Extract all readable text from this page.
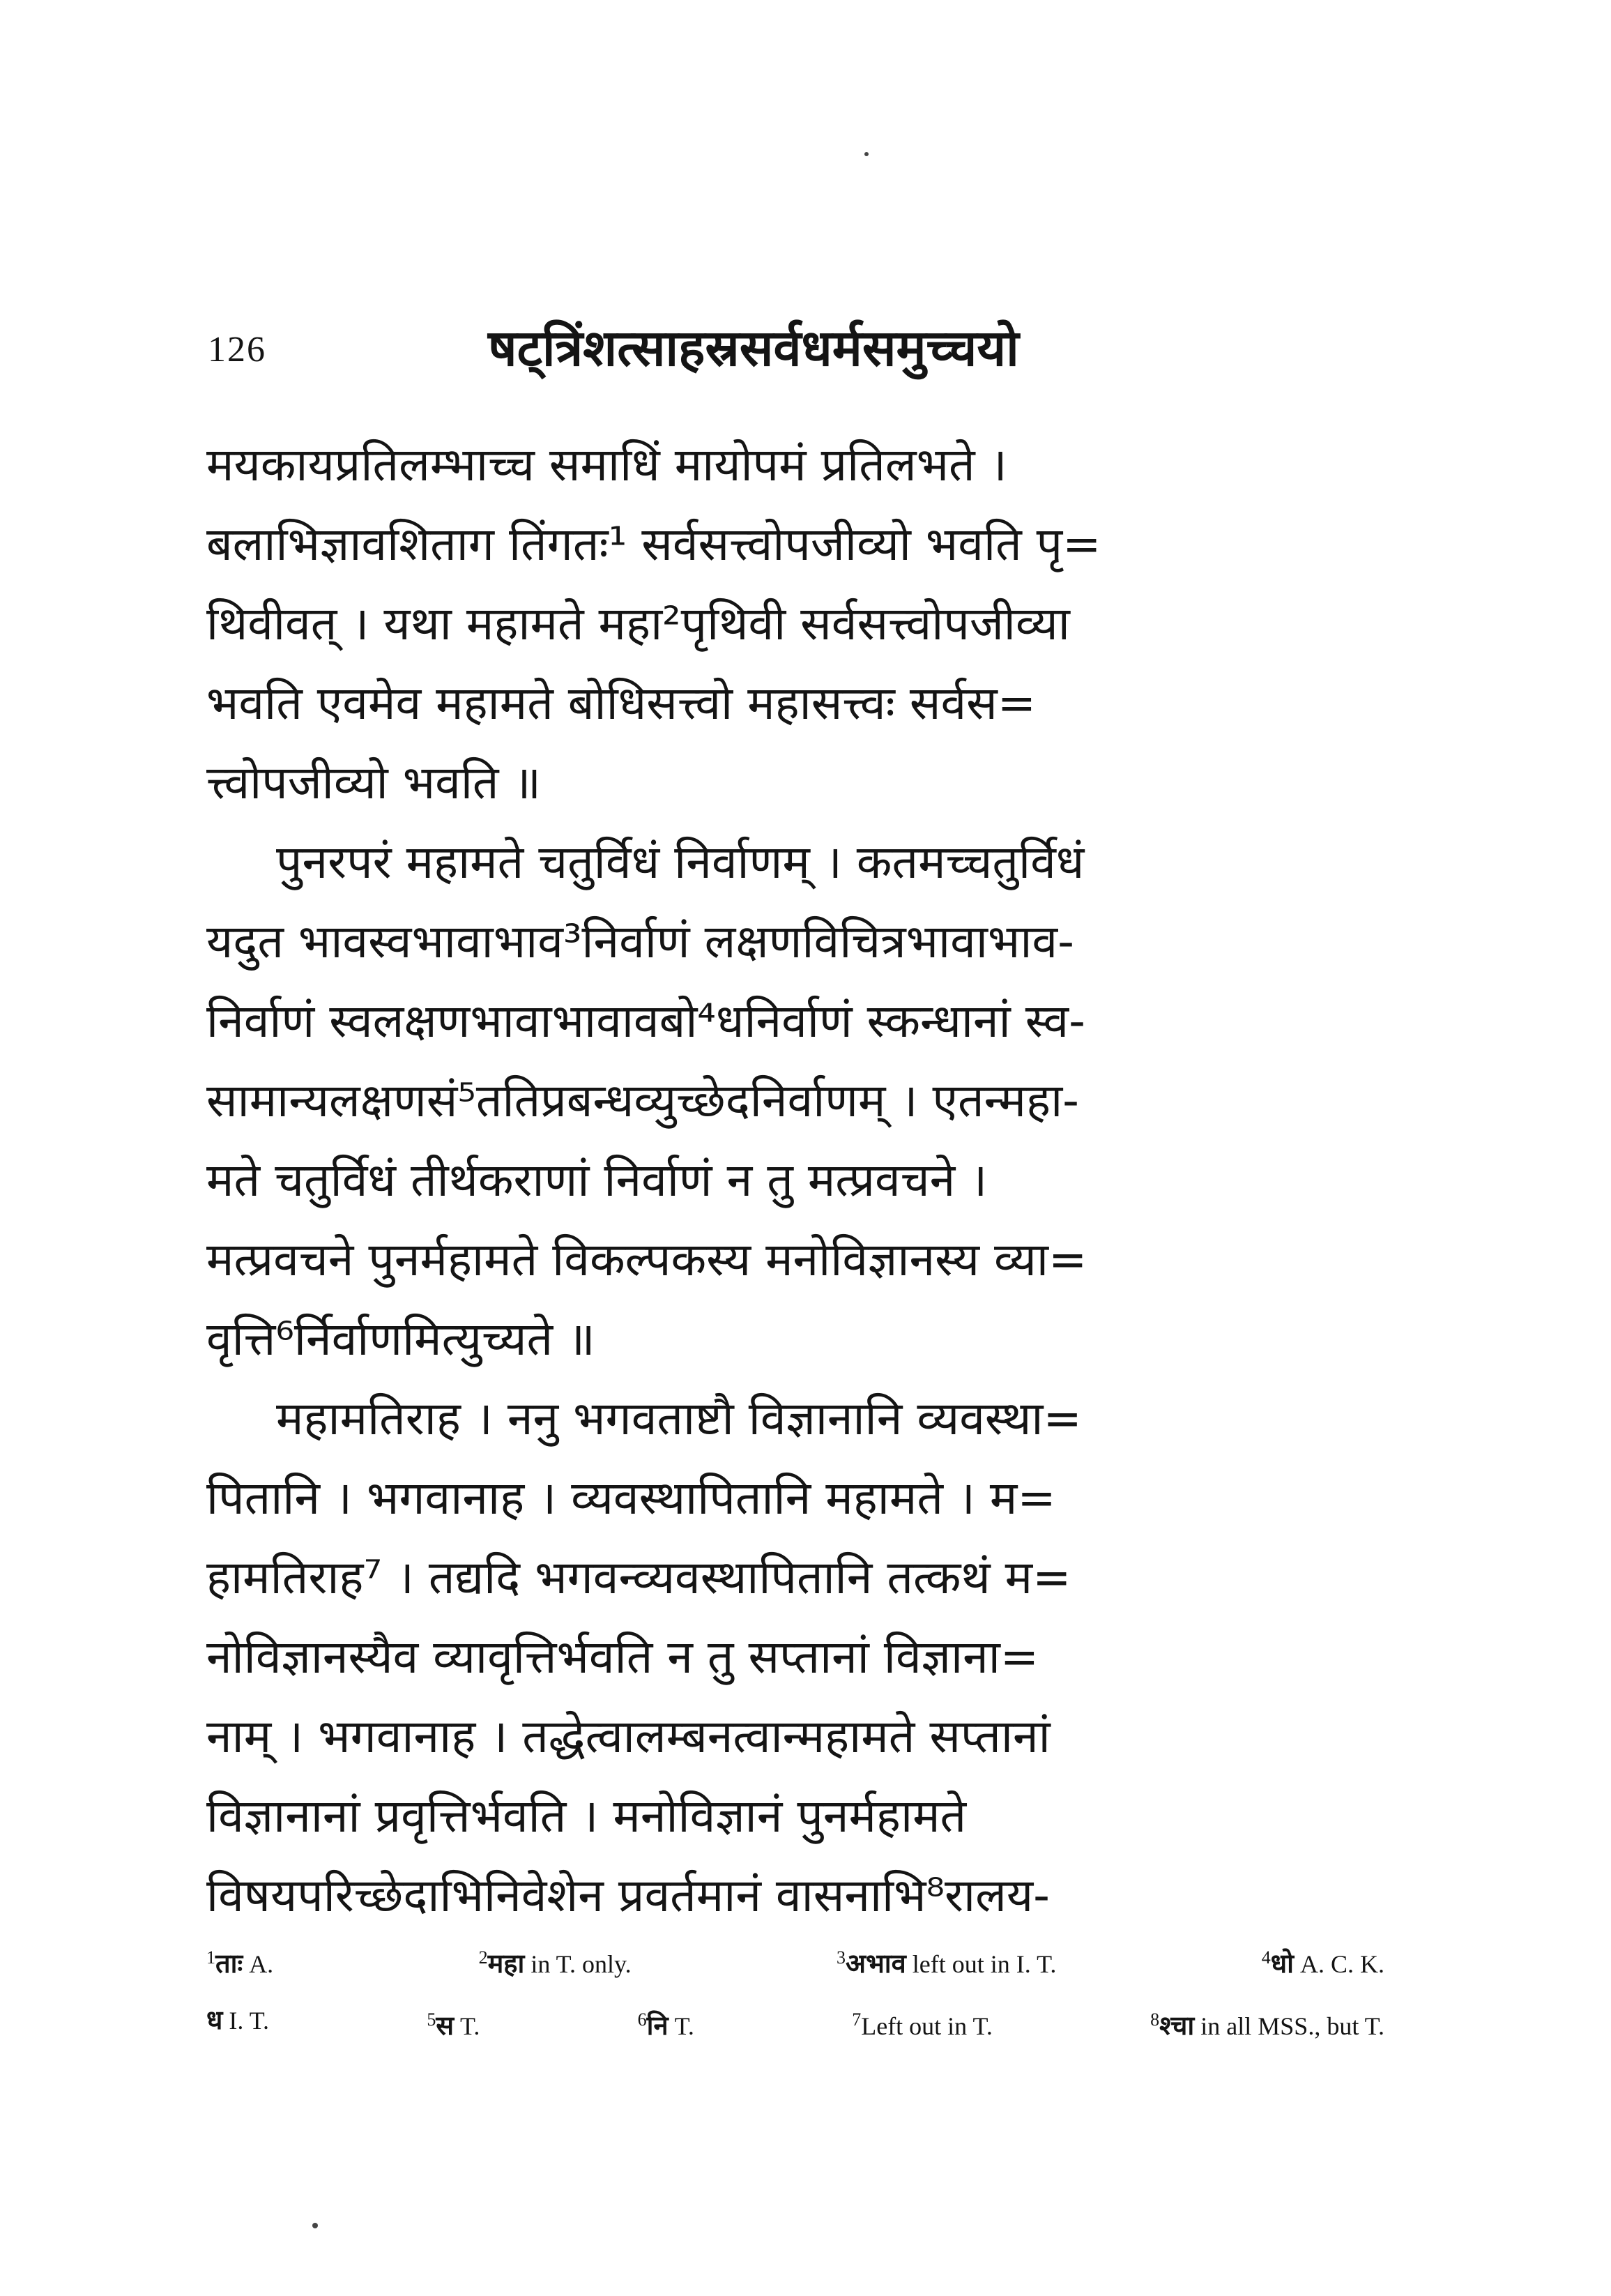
126	षट्त्रिंशत्साहस्रसर्वधर्मसमुच्चयो
मयकायप्रतिलम्भाच्च समाधिं मायोपमं प्रतिलभते ।
बलाभिज्ञावशिताग तिंगतः¹ सर्वसत्त्वोपजीव्यो भवति पृ=
थिवीवत् । यथा महामते महा²पृथिवी सर्वसत्त्वोपजीव्या
भवति एवमेव महामते बोधिसत्त्वो महासत्त्वः सर्वस=
त्त्वोपजीव्यो भवति ॥
पुनरपरं महामते चतुर्विधं निर्वाणम् । कतमच्चतुर्विधं
यदुत भावस्वभावाभाव³निर्वाणं लक्षणविचित्रभावाभाव-
निर्वाणं स्वलक्षणभावाभावावबो⁴धनिर्वाणं स्कन्धानां स्व-
सामान्यलक्षणसं⁵ततिप्रबन्धव्युच्छेदनिर्वाणम् । एतन्महा-
मते चतुर्विधं तीर्थकराणां निर्वाणं न तु मत्प्रवचने ।
मत्प्रवचने पुनर्महामते विकल्पकस्य मनोविज्ञानस्य व्या=
वृत्ति⁶र्निर्वाणमित्युच्यते ॥
महामतिराह । ननु भगवताष्टौ विज्ञानानि व्यवस्था=
पितानि । भगवानाह । व्यवस्थापितानि महामते । म=
हामतिराह⁷ । तद्यदि भगवन्व्यवस्थापितानि तत्कथं म=
नोविज्ञानस्यैव व्यावृत्तिर्भवति न तु सप्तानां विज्ञाना=
नाम् । भगवानाह । तद्धेत्वालम्बनत्वान्महामते सप्तानां
विज्ञानानां प्रवृत्तिर्भवति । मनोविज्ञानं पुनर्महामते
विषयपरिच्छेदाभिनिवेशेन प्रवर्तमानं वासनाभि⁸रालय-
$^1$ताः A.	$^2$महा in T. only.	$^3$अभाव left out in I. T.	$^4$धो A. C. K.
ध I. T.	$^5$स T.	$^6$नि T.	$^7$Left out in T.	$^8$श्चा in all MSS., but T.
